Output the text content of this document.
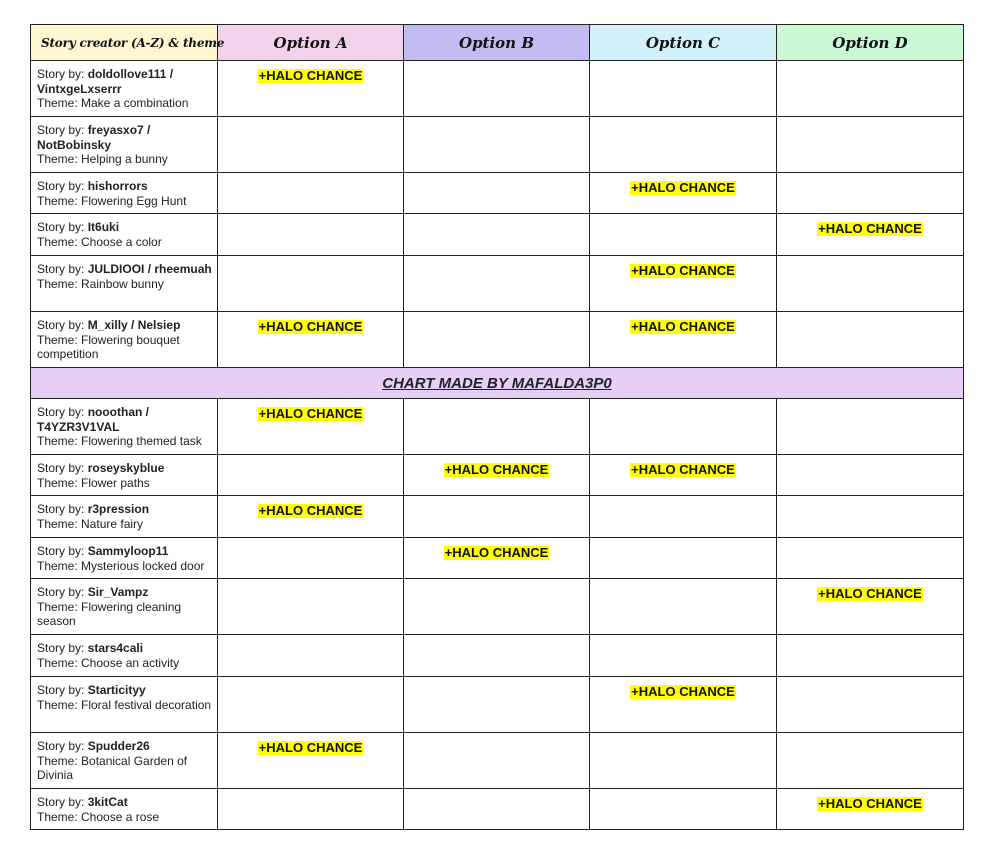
Story creator (A-Z) & theme	Option A	Option B	Option C	Option D

Story by: doldollove111 / VintxgeLxserrr
Theme: Make a combination	+HALO CHANCE			

Story by: freyasxo7 / NotBobinsky
Theme: Helping a bunny				

Story by: hishorrors
Theme: Flowering Egg Hunt			+HALO CHANCE	

Story by: It6uki
Theme: Choose a color				+HALO CHANCE

Story by: JULDIOOI / rheemuah
Theme: Rainbow bunny			+HALO CHANCE	

Story by: M_xilly / Nelsiep
Theme: Flowering bouquet competition	+HALO CHANCE		+HALO CHANCE	
CHART MADE BY MAFALDA3P0				

Story by: nooothan / T4YZR3V1VAL
Theme: Flowering themed task	+HALO CHANCE			

Story by: roseyskyblue
Theme: Flower paths		+HALO CHANCE	+HALO CHANCE	

Story by: r3pression
Theme: Nature fairy	+HALO CHANCE			

Story by: Sammyloop11
Theme: Mysterious locked door		+HALO CHANCE		

Story by: Sir_Vampz
Theme: Flowering cleaning season				+HALO CHANCE

Story by: stars4cali
Theme: Choose an activity				

Story by: Starticityy
Theme: Floral festival decoration			+HALO CHANCE	

Story by: Spudder26
Theme: Botanical Garden of Divinia	+HALO CHANCE			

Story by: 3kitCat
Theme: Choose a rose				+HALO CHANCE
